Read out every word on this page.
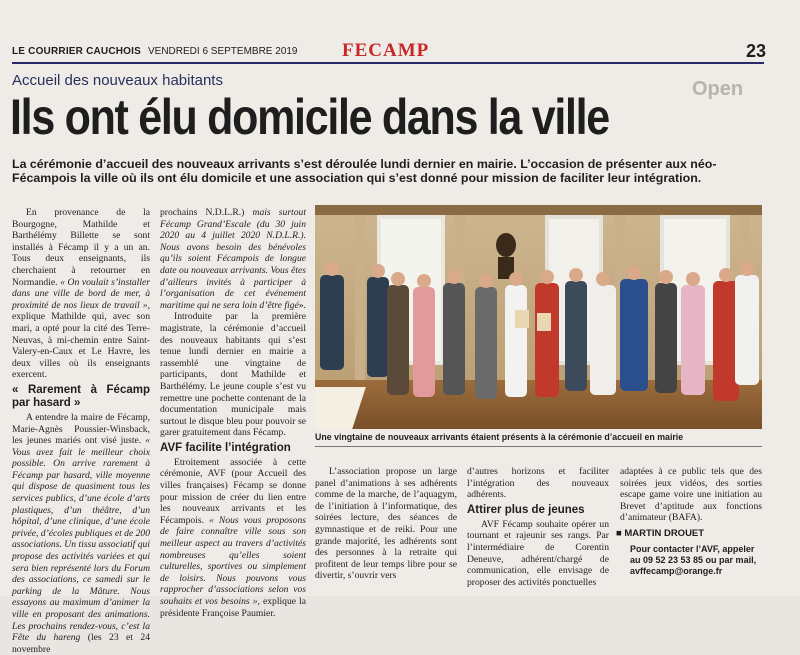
LE COURRIER CAUCHOIS VENDREDI 6 SEPTEMBRE 2019 FECAMP	23
Open
Accueil des nouveaux habitants
Ils ont élu domicile dans la ville
La cérémonie d’accueil des nouveaux arrivants s’est déroulée lundi dernier en mairie. L’occasion de présenter aux néo-Fécampois la ville où ils ont élu domicile et une association qui s’est donné pour mission de faciliter leur intégration.

En provenance de la Bourgogne, Mathilde et Barthélémy Billette se sont installés à Fécamp il y a un an. Tous deux enseignants, ils cherchaient à retourner en Normandie. « On voulait s’installer dans une ville de bord de mer, à proximité de nos lieux de travail », explique Mathilde qui, avec son mari, a opté pour la cité des Terre-Neuvas, à mi-chemin entre Saint-Valery-en-Caux et Le Havre, les deux villes où ils enseignants exercent.

« Rarement à Fécamp par hasard »

A entendre la maire de Fécamp, Marie-Agnès Poussier-Winsback, les jeunes mariés ont visé juste. « Vous avez fait le meilleur choix possible. On arrive rarement à Fécamp par hasard, ville moyenne qui dispose de quasiment tous les services publics, d’une école d’arts plastiques, d’un théâtre, d’un hôpital, d’une clinique, d’une école privée, d’écoles publiques et de 200 associations. Un tissu associatif qui propose des activités variées et qui sera bien représenté lors du Forum des associations, ce samedi sur le parking de la Mâture. Nous essayons au maximum d’animer la ville en proposant des animations. Les prochains rendez-vous, c’est la Fête du hareng (les 23 et 24 novembre

prochains N.D.L.R.) mais surtout Fécamp Grand’Escale (du 30 juin 2020 au 4 juillet 2020 N.D.L.R.). Nous avons besoin des bénévoles qu’ils soient Fécampois de longue date ou nouveaux arrivants. Vous êtes d’ailleurs invités à participer à l’organisation de cet événement maritime qui ne sera loin d’être figé».

Introduite par la première magistrate, la cérémonie d’accueil des nouveaux habitants qui s’est tenue lundi dernier en mairie a rassemblé une vingtaine de participants, dont Mathilde et Barthélémy. Le jeune couple s’est vu remettre une pochette contenant de la documentation municipale mais surtout le disque bleu pour pouvoir se garer gratuitement dans Fécamp.

AVF facilite l’intégration

Etroitement associée à cette cérémonie, AVF (pour Accueil des villes françaises) Fécamp se donne pour mission de créer du lien entre les nouveaux arrivants et les Fécampois. « Nous vous proposons de faire connaître ville sous son meilleur aspect au travers d’activités nombreuses qu’elles soient culturelles, sportives ou simplement de loisirs. Nous pouvons vous rapprocher d’associations selon vos souhaits et vos besoins », explique la présidente Françoise Paumier.

Une vingtaine de nouveaux arrivants étaient présents à la cérémonie d’accueil en mairie

L’association propose un large panel d’animations à ses adhérents comme de la marche, de l’aquagym, de l’initiation à l’informatique, des soirées lecture, des séances de gymnastique et de reiki. Pour une grande majorité, les adhérents sont des personnes à la retraite qui profitent de leur temps libre pour se divertir, s’ouvrir vers

d’autres horizons et faciliter l’intégration des nouveaux adhérents.

Attirer plus de jeunes

AVF Fécamp souhaite opérer un tournant et rajeunir ses rangs. Par l’intermédiaire de Corentin Deneuve, adhérent/chargé de communication, elle envisage de proposer des activités ponctuelles

adaptées à ce public tels que des soirées jeux vidéos, des sorties escape game voire une initiation au Brevet d’aptitude aux fonctions d’animateur (BAFA).

■ MARTIN DROUET
Pour contacter l’AVF, appeler au 09 52 23 53 85 ou par mail, avffecamp@orange.fr
